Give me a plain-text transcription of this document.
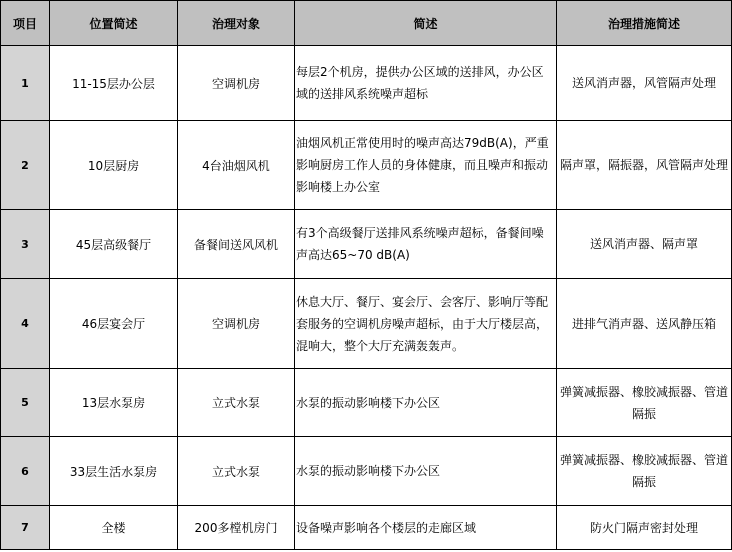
项目	位置简述	治理对象	简述	治理措施简述
1	11-15层办公层	空调机房	每层2个机房，提供办公区域的送排风，办公区域的送排风系统噪声超标	送风消声器，风管隔声处理
2	10层厨房	4台油烟风机	油烟风机正常使用时的噪声高达79dB(A)，严重影响厨房工作人员的身体健康，而且噪声和振动影响楼上办公室	隔声罩，隔振器，风管隔声处理
3	45层高级餐厅	备餐间送风风机	有3个高级餐厅送排风系统噪声超标，备餐间噪声高达65~70 dB(A)	送风消声器、隔声罩
4	46层宴会厅	空调机房	休息大厅、餐厅、宴会厅、会客厅、影响厅等配套服务的空调机房噪声超标，由于大厅楼层高，混响大，整个大厅充满轰轰声。	进排气消声器、送风静压箱
5	13层水泵房	立式水泵	水泵的振动影响楼下办公区	弹簧减振器、橡胶减振器、管道隔振
6	33层生活水泵房	立式水泵	水泵的振动影响楼下办公区	弹簧减振器、橡胶减振器、管道隔振
7	全楼	200多樘机房门	设备噪声影响各个楼层的走廊区域	防火门隔声密封处理
